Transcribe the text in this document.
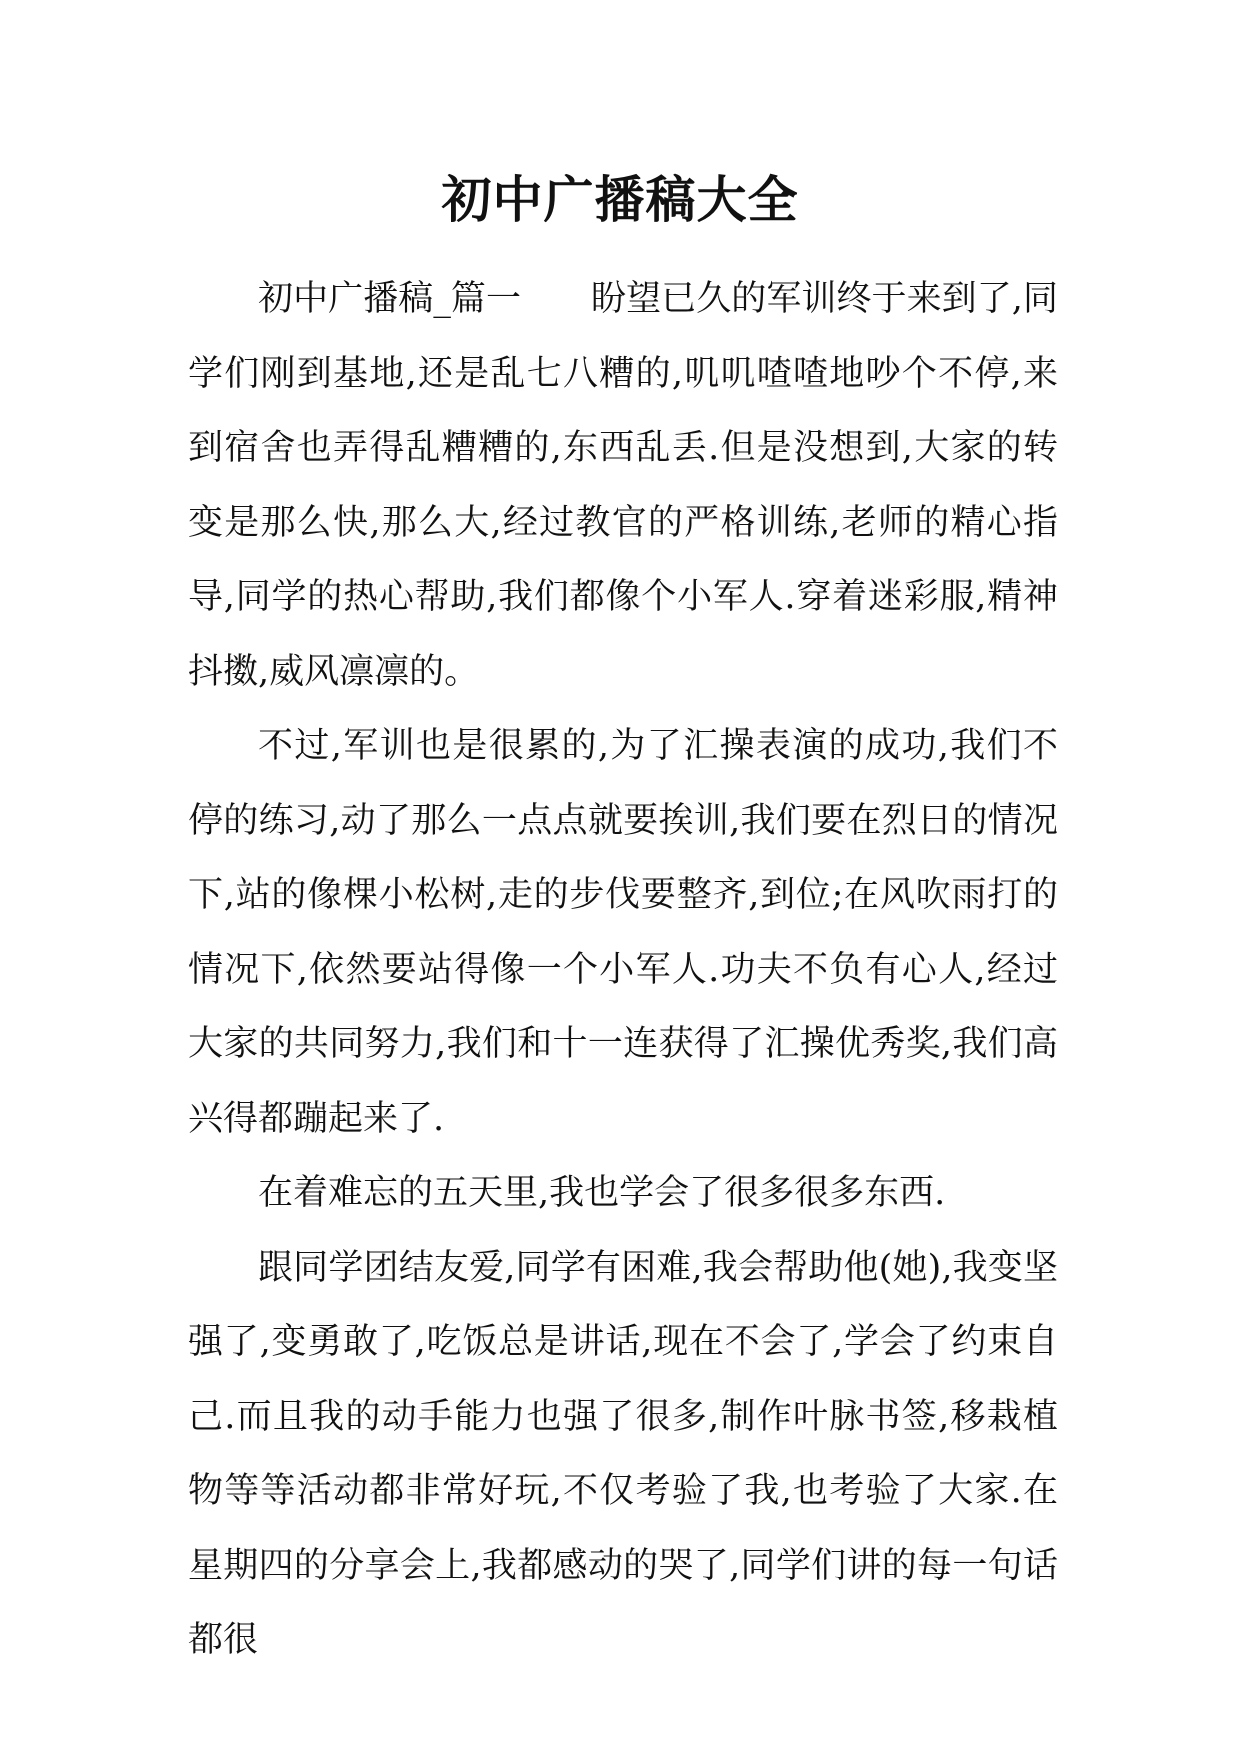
初中广播稿大全

初中广播稿_篇一 盼望已久的军训终于来到了,同学们刚到基地,还是乱七八糟的,叽叽喳喳地吵个不停,来到宿舍也弄得乱糟糟的,东西乱丢.但是没想到,大家的转变是那么快,那么大,经过教官的严格训练,老师的精心指导,同学的热心帮助,我们都像个小军人.穿着迷彩服,精神抖擞,威风凛凛的。

不过,军训也是很累的,为了汇操表演的成功,我们不停的练习,动了那么一点点就要挨训,我们要在烈日的情况下,站的像棵小松树,走的步伐要整齐,到位;在风吹雨打的情况下,依然要站得像一个小军人.功夫不负有心人,经过大家的共同努力,我们和十一连获得了汇操优秀奖,我们高兴得都蹦起来了.

在着难忘的五天里,我也学会了很多很多东西.

跟同学团结友爱,同学有困难,我会帮助他(她),我变坚强了,变勇敢了,吃饭总是讲话,现在不会了,学会了约束自己.而且我的动手能力也强了很多,制作叶脉书签,移栽植物等等活动都非常好玩,不仅考验了我,也考验了大家.在星期四的分享会上,我都感动的哭了,同学们讲的每一句话都很
